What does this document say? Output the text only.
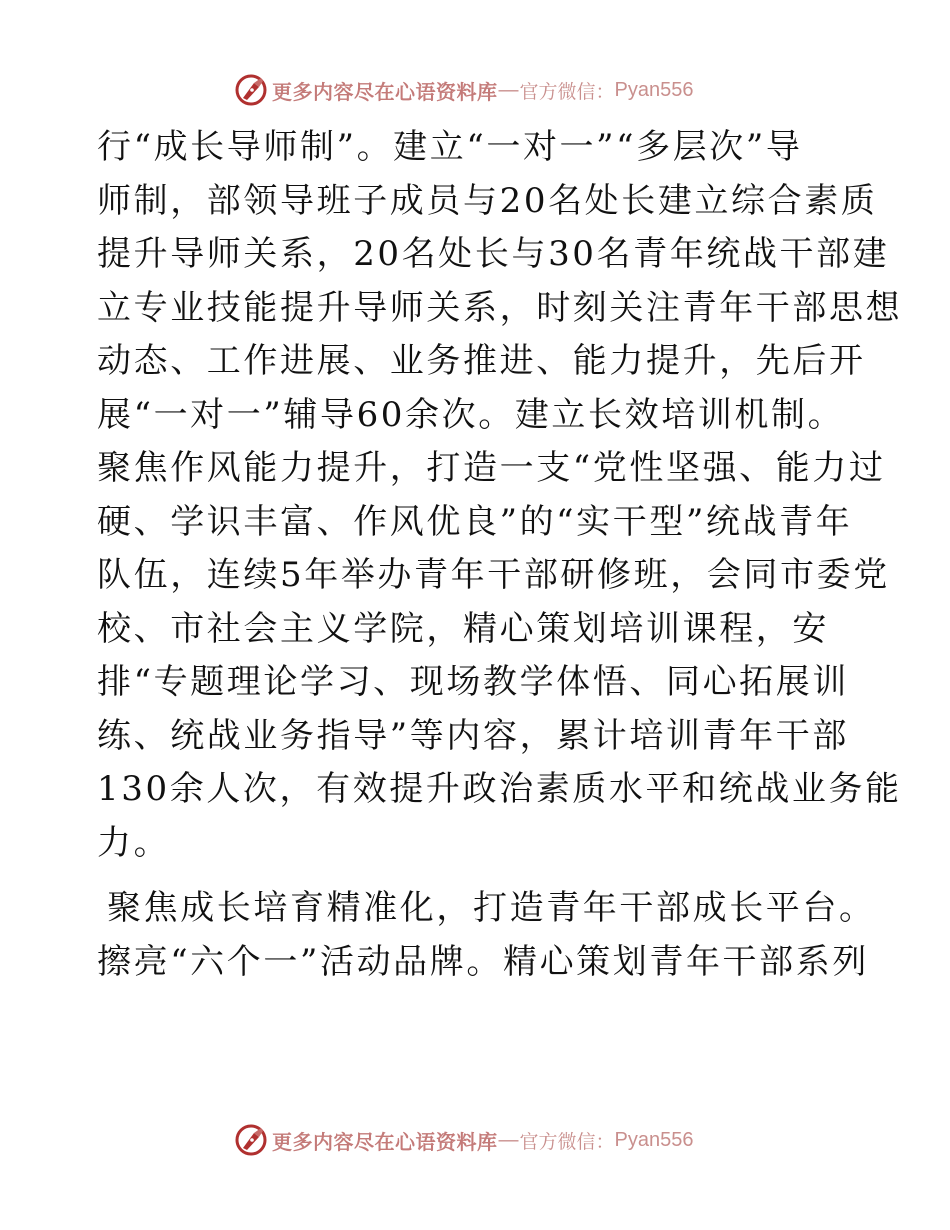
更多内容尽在心语资料库 — 官方微信： Pyan556
行“成长导师制”。建立“一对一”“多层次”导
师制，部领导班子成员与20名处长建立综合素质
提升导师关系，20名处长与30名青年统战干部建
立专业技能提升导师关系，时刻关注青年干部思想
动态、工作进展、业务推进、能力提升，先后开
展“一对一”辅导60余次。建立长效培训机制。
聚焦作风能力提升，打造一支“党性坚强、能力过
硬、学识丰富、作风优良”的“实干型”统战青年
队伍，连续5年举办青年干部研修班，会同市委党
校、市社会主义学院，精心策划培训课程，安
排“专题理论学习、现场教学体悟、同心拓展训
练、统战业务指导”等内容，累计培训青年干部
130余人次，有效提升政治素质水平和统战业务能
力。
聚焦成长培育精准化，打造青年干部成长平台。
擦亮“六个一”活动品牌。精心策划青年干部系列
更多内容尽在心语资料库 — 官方微信： Pyan556
